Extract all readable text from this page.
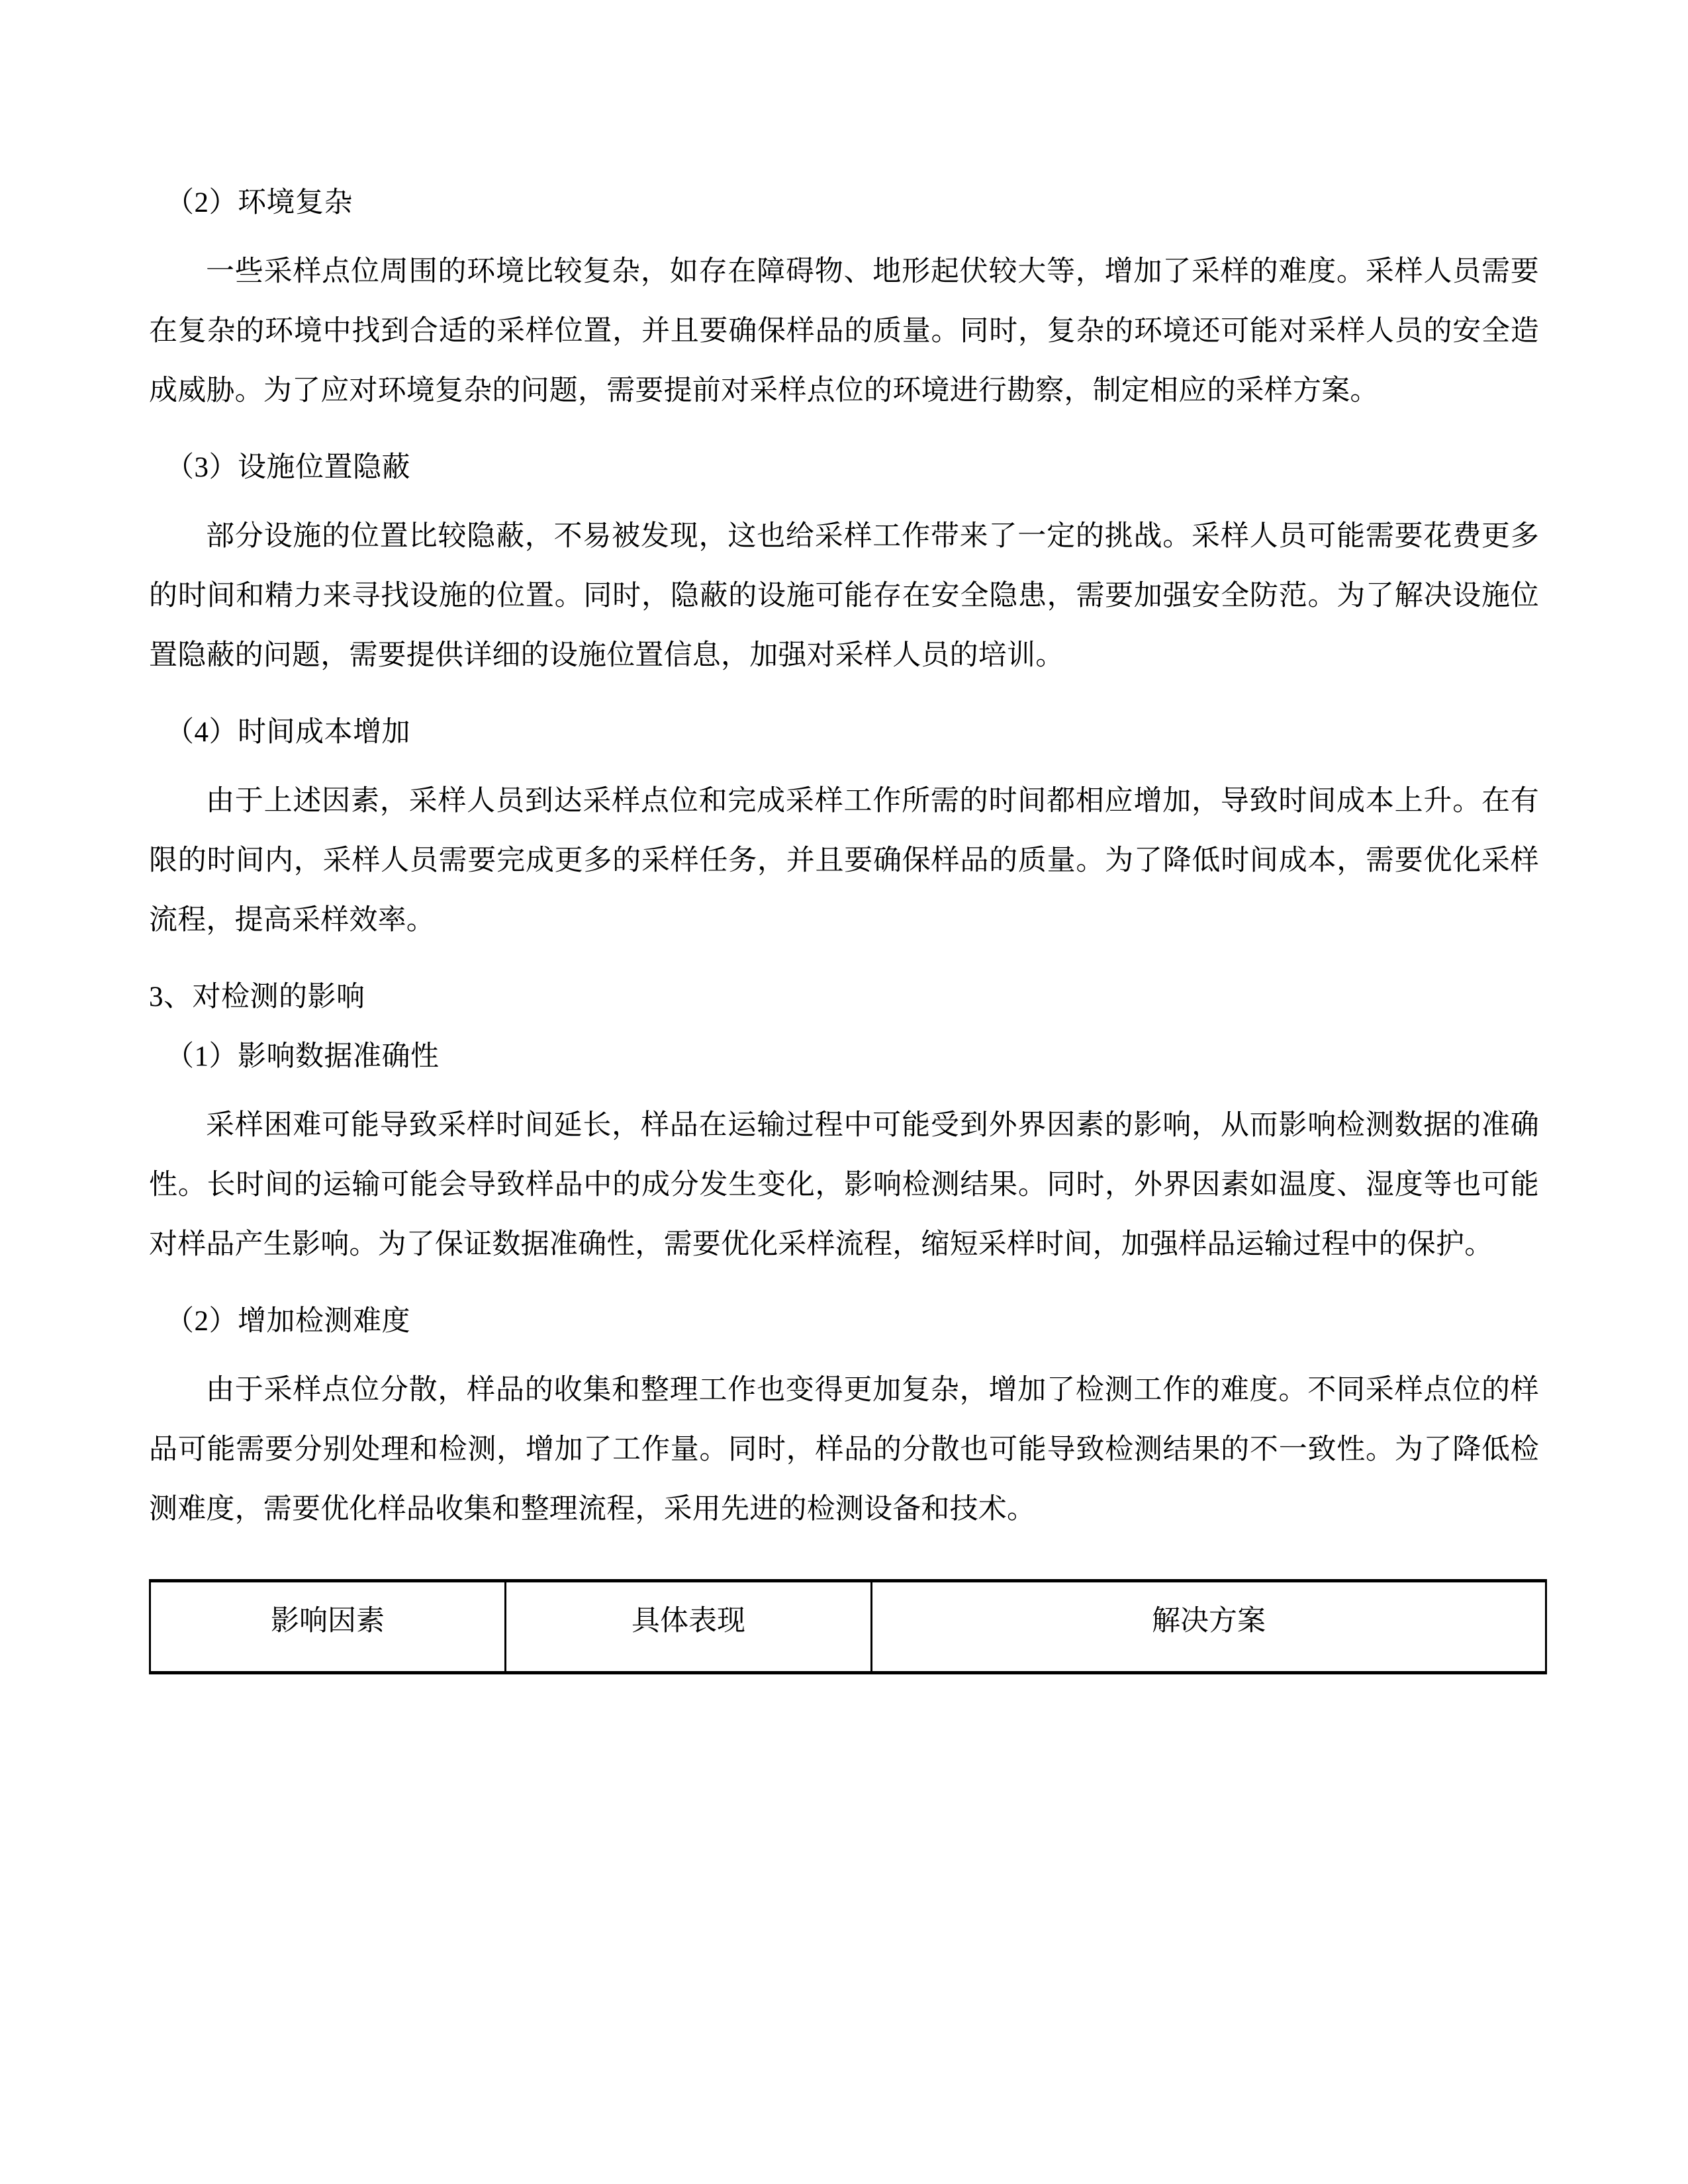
（2）环境复杂

一些采样点位周围的环境比较复杂，如存在障碍物、地形起伏较大等，增加了采样的难度。采样人员需要在复杂的环境中找到合适的采样位置，并且要确保样品的质量。同时，复杂的环境还可能对采样人员的安全造成威胁。为了应对环境复杂的问题，需要提前对采样点位的环境进行勘察，制定相应的采样方案。

（3）设施位置隐蔽

部分设施的位置比较隐蔽，不易被发现，这也给采样工作带来了一定的挑战。采样人员可能需要花费更多的时间和精力来寻找设施的位置。同时，隐蔽的设施可能存在安全隐患，需要加强安全防范。为了解决设施位置隐蔽的问题，需要提供详细的设施位置信息，加强对采样人员的培训。

（4）时间成本增加

由于上述因素，采样人员到达采样点位和完成采样工作所需的时间都相应增加，导致时间成本上升。在有限的时间内，采样人员需要完成更多的采样任务，并且要确保样品的质量。为了降低时间成本，需要优化采样流程，提高采样效率。

3、对检测的影响
（1）影响数据准确性

采样困难可能导致采样时间延长，样品在运输过程中可能受到外界因素的影响，从而影响检测数据的准确性。长时间的运输可能会导致样品中的成分发生变化，影响检测结果。同时，外界因素如温度、湿度等也可能对样品产生影响。为了保证数据准确性，需要优化采样流程，缩短采样时间，加强样品运输过程中的保护。

（2）增加检测难度

由于采样点位分散，样品的收集和整理工作也变得更加复杂，增加了检测工作的难度。不同采样点位的样品可能需要分别处理和检测，增加了工作量。同时，样品的分散也可能导致检测结果的不一致性。为了降低检测难度，需要优化样品收集和整理流程，采用先进的检测设备和技术。

影响因素	具体表现	解决方案
